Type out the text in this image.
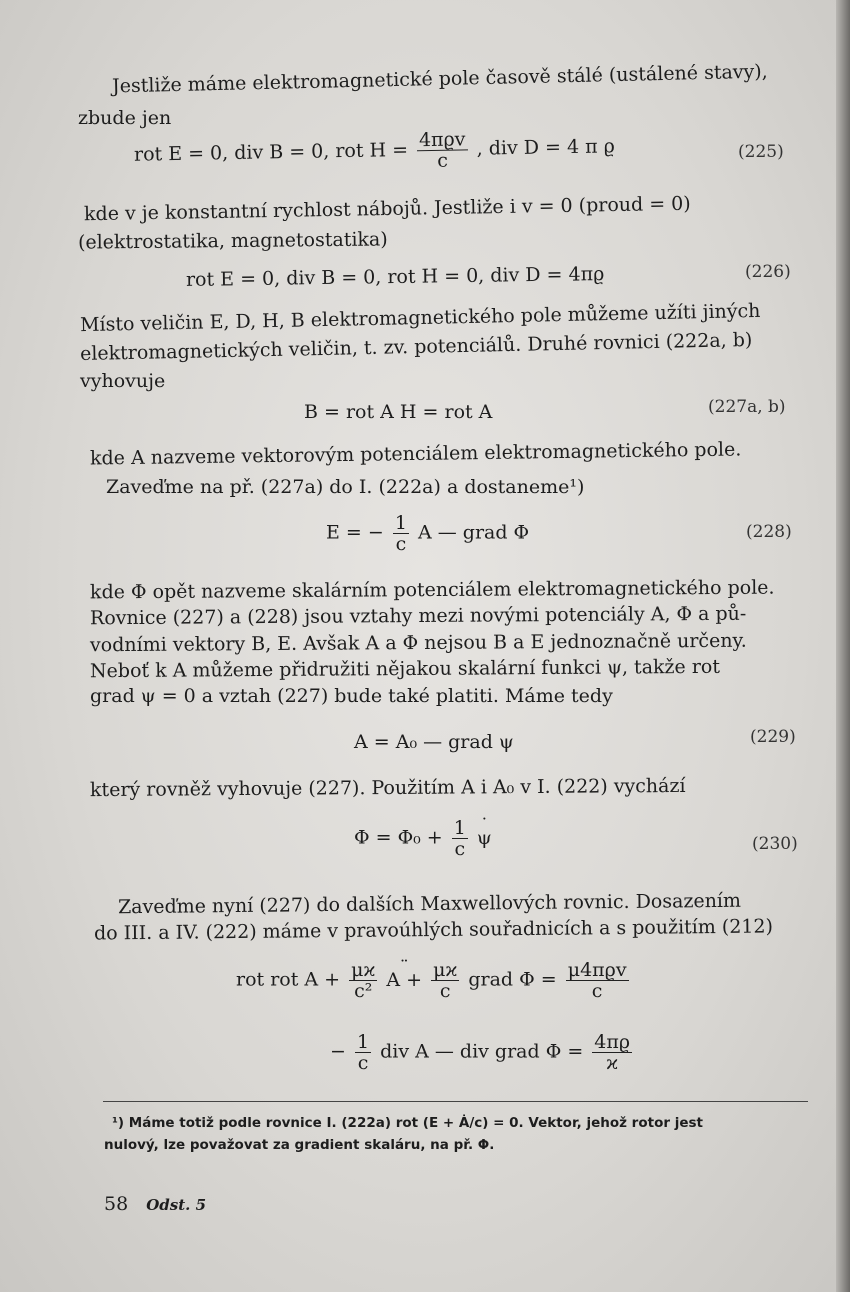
Jestliže máme elektromagnetické pole časově stálé (ustálené stavy),
zbude jen
rot E = 0, div B = 0, rot $H = \frac{\text{4πϱv}}{c}$ , div D = 4 π ϱ	(225)
kde v je konstantní rychlost nábojů. Jestliže i v = 0 (proud = 0)
(elektrostatika, magnetostatika)
rot E = 0, div B = 0, rot H = 0, div D = 4πϱ	(226)
Místo veličin E, D, H, B elektromagnetického pole můžeme užíti jiných
elektromagnetických veličin, t. zv. potenciálů. Druhé rovnici (222a, b)
vyhovuje
B = rot A H = rot A	(227a, b)
kde A nazveme vektorovým potenciálem elektromagnetického pole.
Zaveďme na př. (227a) do I. (222a) a dostaneme¹)
E = − $\frac{1}{c}$ A — grad Φ	(228)
kde Φ opět nazveme skalárním potenciálem elektromagnetického pole.
Rovnice (227) a (228) jsou vztahy mezi novými potenciály A, Φ a pů-
vodními vektory B, E. Avšak A a Φ nejsou B a E jednoznačně určeny.
Neboť k A můžeme přidružiti nějakou skalární funkci ψ, takže rot
grad ψ = 0 a vztah (227) bude také platiti. Máme tedy
A = A₀ — grad ψ	(229)
který rovněž vyhovuje (227). Použitím A i A₀ v I. (222) vychází
$\Phi = \Phi_0 + \frac{1}{c}$ ψ ˙	(230)
Zaveďme nyní (227) do dalších Maxwellových rovnic. Dosazením
do III. a IV. (222) máme v pravoúhlých souřadnicích a s použitím (212)
rot rot $A + \frac{\mu ϰ}{\text{c²}}$ A + ¨ $\frac{\mu ϰ}{c}$ grad $\Phi = \frac{\text{μ4πϱv}}{c}$
− $\frac{1}{c}$ div A — div grad $\Phi = \frac{4\pi ϱ}{ϰ}$
¹) Máme totiž podle rovnice I. (222a) rot (E + Ȧ/c) = 0. Vektor, jehož rotor jest
nulový, lze považovat za gradient skaláru, na př. Φ.
58 Odst. 5
